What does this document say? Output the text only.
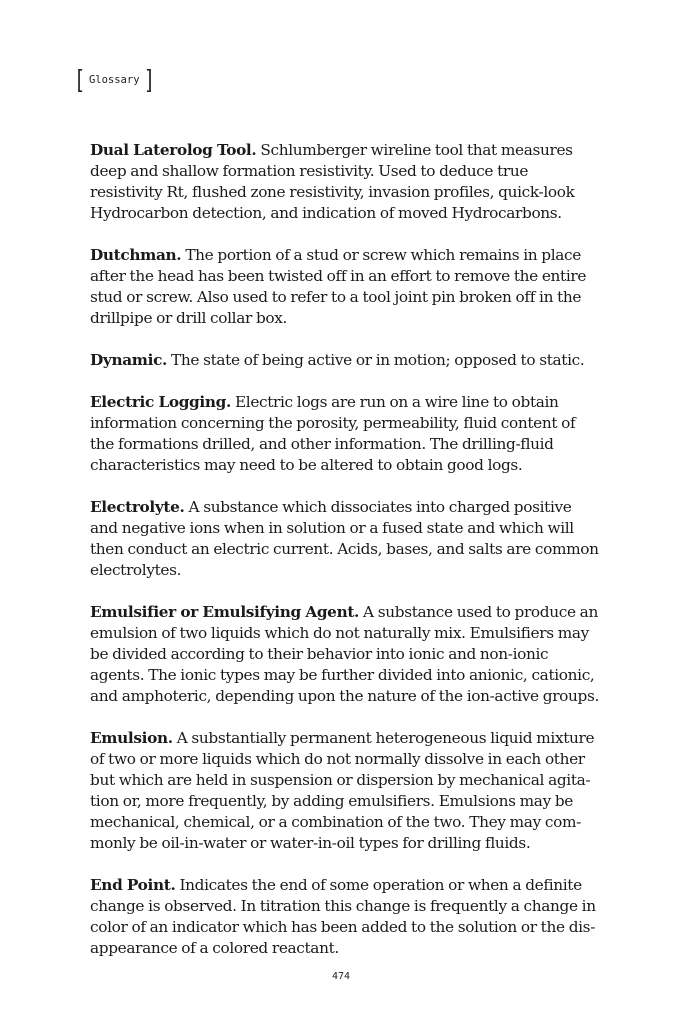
[ Glossary ]

Dual Laterolog Tool. Schlumberger wireline tool that measures deep and shallow formation resistivity. Used to deduce true resistivity Rt, flushed zone resistivity, invasion profiles, quick-look Hydrocarbon detection, and indication of moved Hydrocarbons.

Dutchman. The portion of a stud or screw which remains in place after the head has been twisted off in an effort to remove the entire stud or screw. Also used to refer to a tool joint pin broken off in the drillpipe or drill collar box.

Dynamic. The state of being active or in motion; opposed to static.

Electric Logging. Electric logs are run on a wire line to obtain information concerning the porosity, permeability, fluid content of the formations drilled, and other information. The drilling-fluid characteristics may need to be altered to obtain good logs.

Electrolyte. A substance which dissociates into charged positive and negative ions when in solution or a fused state and which will then conduct an electric current. Acids, bases, and salts are common electrolytes.

Emulsifier or Emulsifying Agent. A substance used to produce an emulsion of two liquids which do not naturally mix. Emulsifiers may be divided according to their behavior into ionic and non-ionic agents. The ionic types may be further divided into anionic, cationic, and amphoteric, depending upon the nature of the ion-active groups.

Emulsion. A substantially permanent heterogeneous liquid mixture of two or more liquids which do not normally dissolve in each other but which are held in suspension or dispersion by mechanical agitation or, more frequently, by adding emulsifiers. Emulsions may be mechanical, chemical, or a combination of the two. They may commonly be oil-in-water or water-in-oil types for drilling fluids.

End Point. Indicates the end of some operation or when a definite change is observed. In titration this change is frequently a change in color of an indicator which has been added to the solution or the disappearance of a colored reactant.

474
